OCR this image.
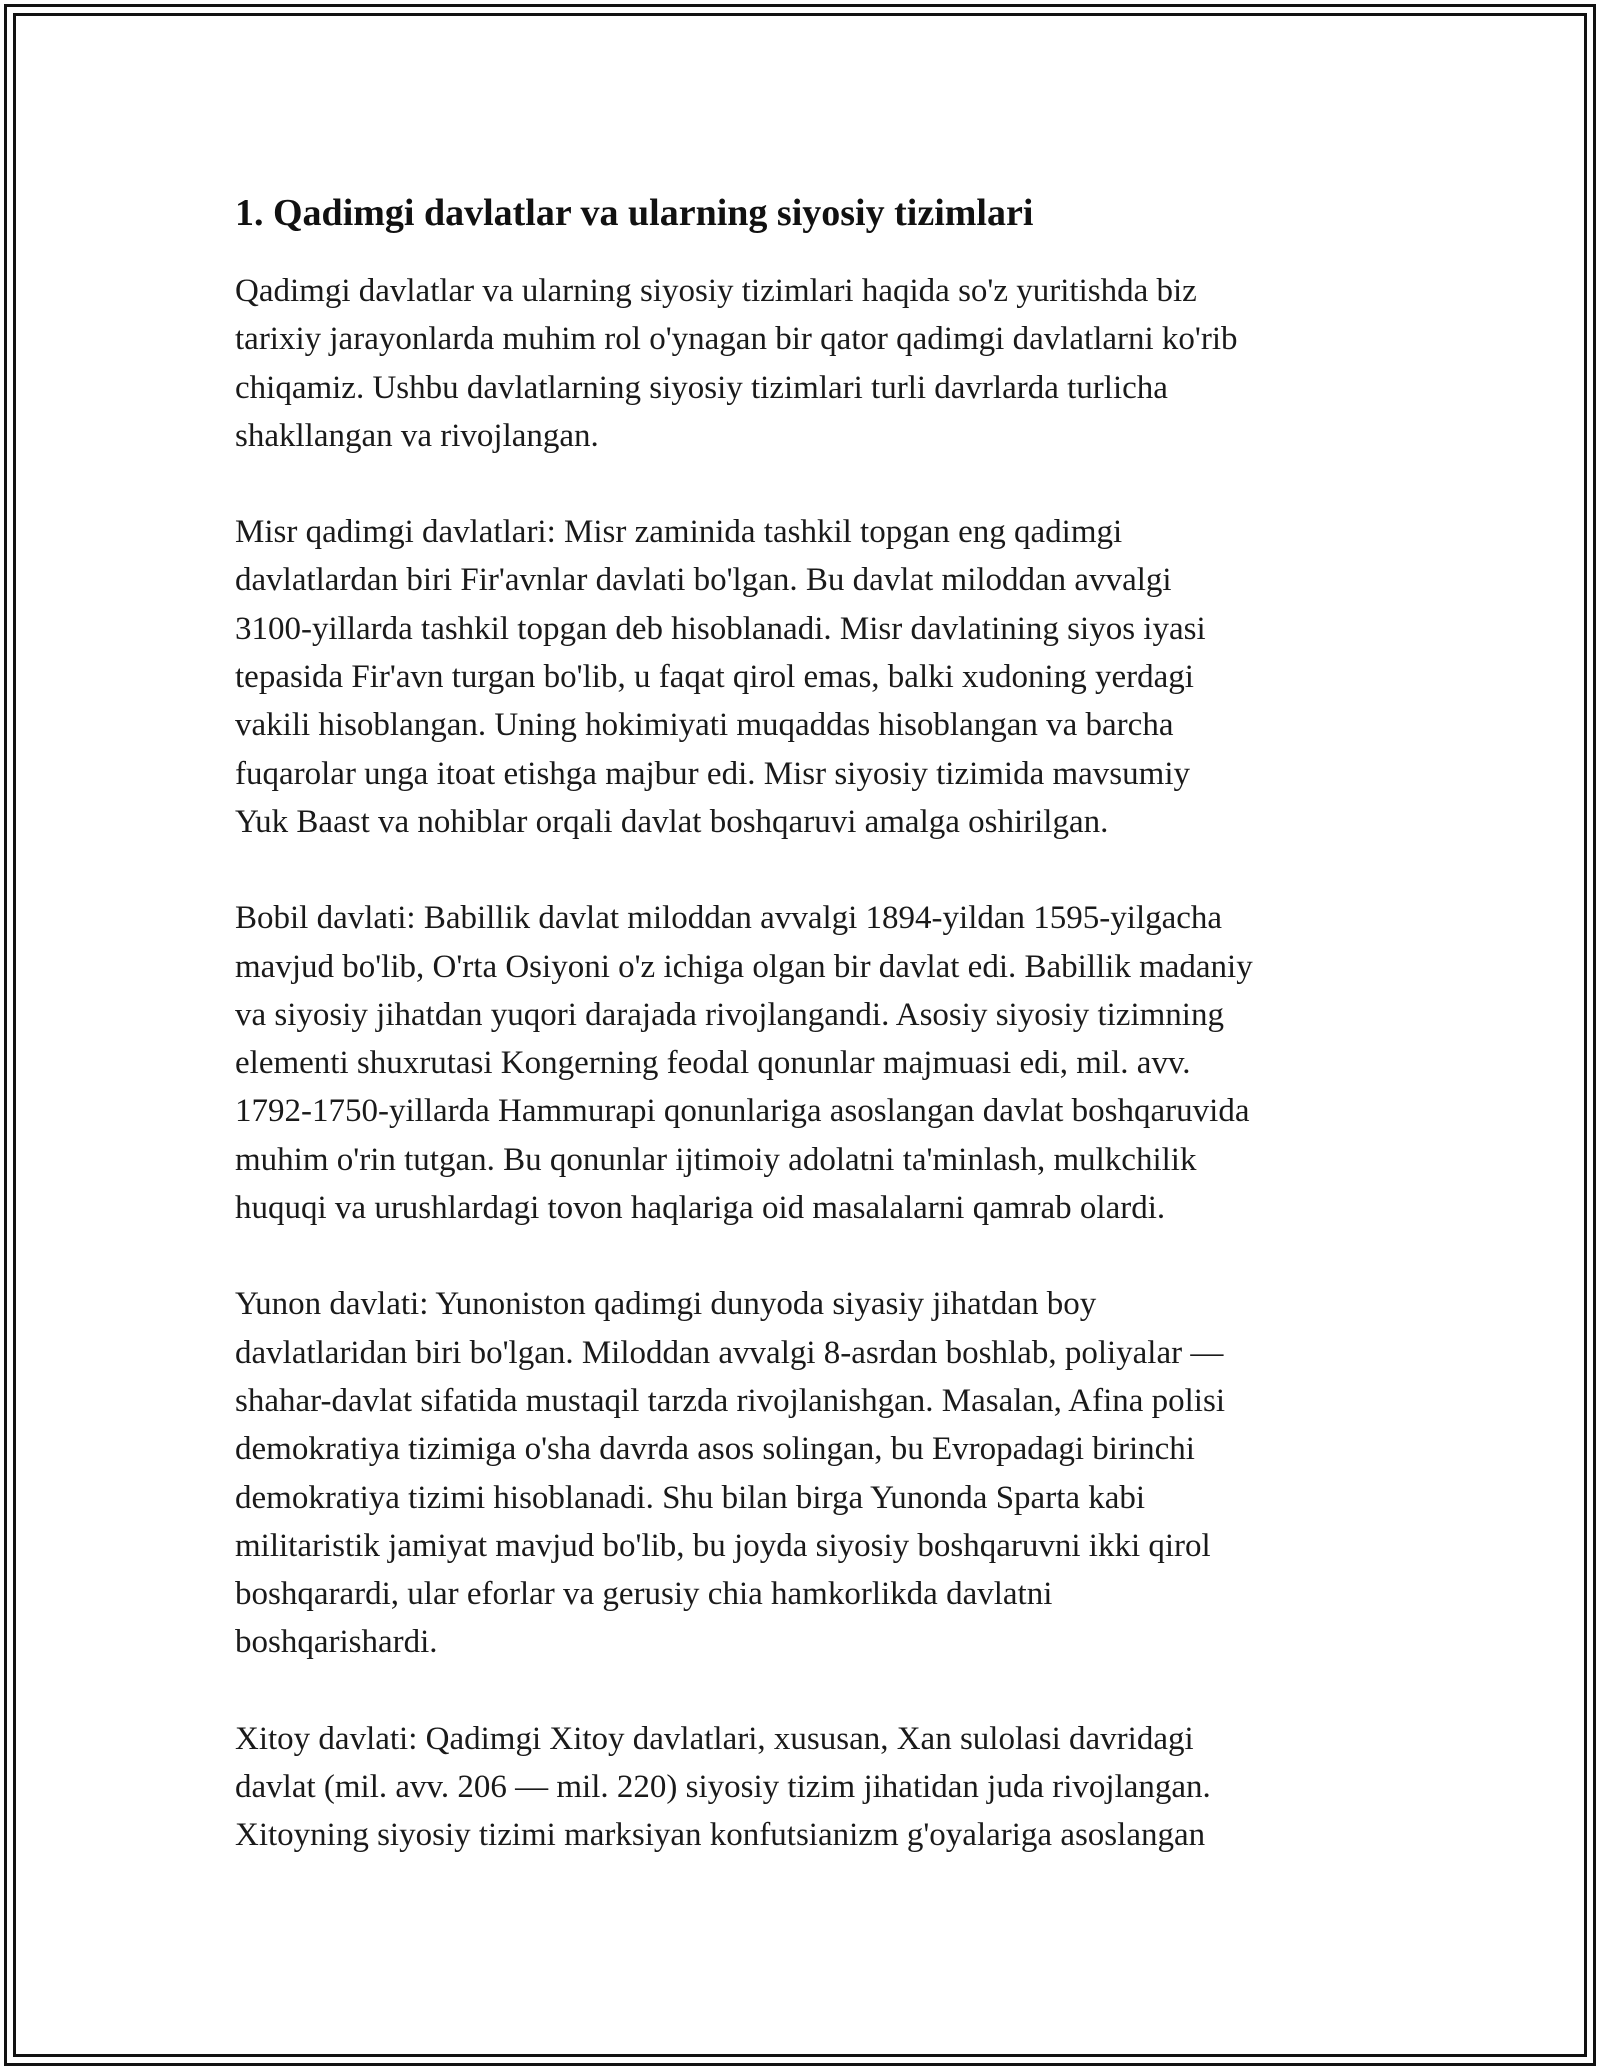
1. Qadimgi davlatlar va ularning siyosiy tizimlari

Qadimgi davlatlar va ularning siyosiy tizimlari haqida so'z yuritishda biz
tarixiy jarayonlarda muhim rol o'ynagan bir qator qadimgi davlatlarni ko'rib
chiqamiz. Ushbu davlatlarning siyosiy tizimlari turli davrlarda turlicha
shakllangan va rivojlangan.

Misr qadimgi davlatlari: Misr zaminida tashkil topgan eng qadimgi
davlatlardan biri Fir'avnlar davlati bo'lgan. Bu davlat miloddan avvalgi
3100-yillarda tashkil topgan deb hisoblanadi. Misr davlatining siyos iyasi
tepasida Fir'avn turgan bo'lib, u faqat qirol emas, balki xudoning yerdagi
vakili hisoblangan. Uning hokimiyati muqaddas hisoblangan va barcha
fuqarolar unga itoat etishga majbur edi. Misr siyosiy tizimida mavsumiy
Yuk Baast va nohiblar orqali davlat boshqaruvi amalga oshirilgan.

Bobil davlati: Babillik davlat miloddan avvalgi 1894-yildan 1595-yilgacha
mavjud bo'lib, O'rta Osiyoni o'z ichiga olgan bir davlat edi. Babillik madaniy
va siyosiy jihatdan yuqori darajada rivojlangandi. Asosiy siyosiy tizimning
elementi shuxrutasi Kongerning feodal qonunlar majmuasi edi, mil. avv.
1792-1750-yillarda Hammurapi qonunlariga asoslangan davlat boshqaruvida
muhim o'rin tutgan. Bu qonunlar ijtimoiy adolatni ta'minlash, mulkchilik
huquqi va urushlardagi tovon haqlariga oid masalalarni qamrab olardi.

Yunon davlati: Yunoniston qadimgi dunyoda siyasiy jihatdan boy
davlatlaridan biri bo'lgan. Miloddan avvalgi 8-asrdan boshlab, poliyalar —
shahar-davlat sifatida mustaqil tarzda rivojlanishgan. Masalan, Afina polisi
demokratiya tizimiga o'sha davrda asos solingan, bu Evropadagi birinchi
demokratiya tizimi hisoblanadi. Shu bilan birga Yunonda Sparta kabi
militaristik jamiyat mavjud bo'lib, bu joyda siyosiy boshqaruvni ikki qirol
boshqarardi, ular eforlar va gerusiy chia hamkorlikda davlatni
boshqarishardi.

Xitoy davlati: Qadimgi Xitoy davlatlari, xususan, Xan sulolasi davridagi
davlat (mil. avv. 206 — mil. 220) siyosiy tizim jihatidan juda rivojlangan.
Xitoyning siyosiy tizimi marksiyan konfutsianizm g'oyalariga asoslangan
